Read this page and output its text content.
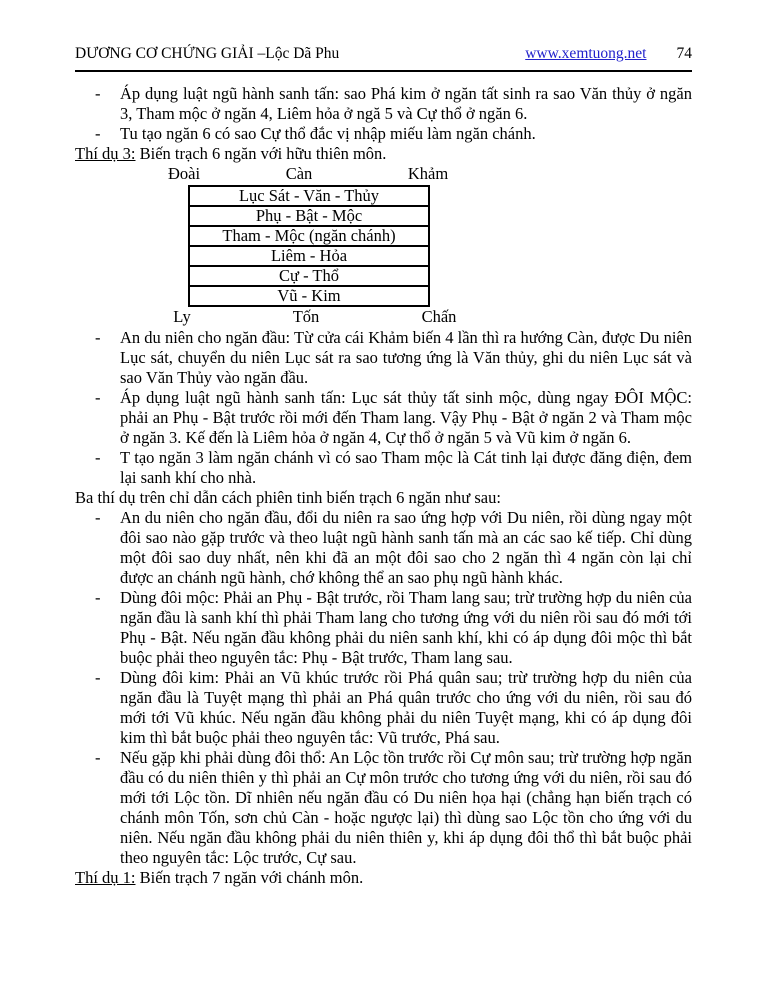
DƯƠNG CƠ CHỨNG GIẢI –Lộc Dã Phu	www.xemtuong.net 74

- Áp dụng luật ngũ hành sanh tấn: sao Phá kim ở ngăn tất sinh ra sao Văn thủy ở ngăn 3, Tham mộc ở ngăn 4, Liêm hỏa ở ngă 5 và Cự thổ ở ngăn 6.

- Tu tạo ngăn 6 có sao Cự thổ đắc vị nhập miếu làm ngăn chánh.

Thí dụ 3: Biến trạch 6 ngăn với hữu thiên môn.

Đoài	Càn	Khảm
Lục Sát - Văn - Thủy
Phụ - Bật - Mộc
Tham - Mộc (ngăn chánh)
Liêm - Hỏa
Cự - Thổ
Vũ - Kim
Ly	Tốn	Chấn

- An du niên cho ngăn đầu: Từ cửa cái Khảm biến 4 lần thì ra hướng Càn, được Du niên Lục sát, chuyển du niên Lục sát ra sao tương ứng là Văn thủy, ghi du niên Lục sát và sao Văn Thủy vào ngăn đầu.

- Áp dụng luật ngũ hành sanh tấn: Lục sát thủy tất sinh mộc, dùng ngay ĐÔI MỘC: phải an Phụ - Bật trước rồi mới đến Tham lang. Vậy Phụ - Bật ở ngăn 2 và Tham mộc ở ngăn 3. Kế đến là Liêm hỏa ở ngăn 4, Cự thổ ở ngăn 5 và Vũ kim ở ngăn 6.

- T tạo ngăn 3 làm ngăn chánh vì có sao Tham mộc là Cát tinh lại được đăng điện, đem lại sanh khí cho nhà.

Ba thí dụ trên chỉ dẫn cách phiên tinh biến trạch 6 ngăn như sau:

- An du niên cho ngăn đầu, đổi du niên ra sao ứng hợp với Du niên, rồi dùng ngay một đôi sao nào gặp trước và theo luật ngũ hành sanh tấn mà an các sao kế tiếp. Chỉ dùng một đôi sao duy nhất, nên khi đã an một đôi sao cho 2 ngăn thì 4 ngăn còn lại chỉ được an chánh ngũ hành, chớ không thể an sao phụ ngũ hành khác.

- Dùng đôi mộc: Phải an Phụ - Bật trước, rồi Tham lang sau; trừ trường hợp du niên của ngăn đầu là sanh khí thì phải Tham lang cho tương ứng với du niên rồi sau đó mới tới Phụ - Bật. Nếu ngăn đầu không phải du niên sanh khí, khi có áp dụng đôi mộc thì bắt buộc phải theo nguyên tắc: Phụ - Bật trước, Tham lang sau.

- Dùng đôi kim: Phải an Vũ khúc trước rồi Phá quân sau; trừ trường hợp du niên của ngăn đầu là Tuyệt mạng thì phải an Phá quân trước cho ứng với du niên, rồi sau đó mới tới Vũ khúc. Nếu ngăn đầu không phải du niên Tuyệt mạng, khi có áp dụng đôi kim thì bắt buộc phải theo nguyên tắc: Vũ trước, Phá sau.

- Nếu gặp khi phải dùng đôi thổ: An Lộc tồn trước rồi Cự môn sau; trừ trường hợp ngăn đầu có du niên thiên y thì phải an Cự môn trước cho tương ứng với du niên, rồi sau đó mới tới Lộc tồn. Dĩ nhiên nếu ngăn đầu có Du niên họa hại (chẳng hạn biến trạch có chánh môn Tốn, sơn chủ Càn - hoặc ngược lại) thì dùng sao Lộc tồn cho ứng với du niên. Nếu ngăn đầu không phải du niên thiên y, khi áp dụng đôi thổ thì bắt buộc phải theo nguyên tắc: Lộc trước, Cự sau.

Thí dụ 1: Biến trạch 7 ngăn với chánh môn.
